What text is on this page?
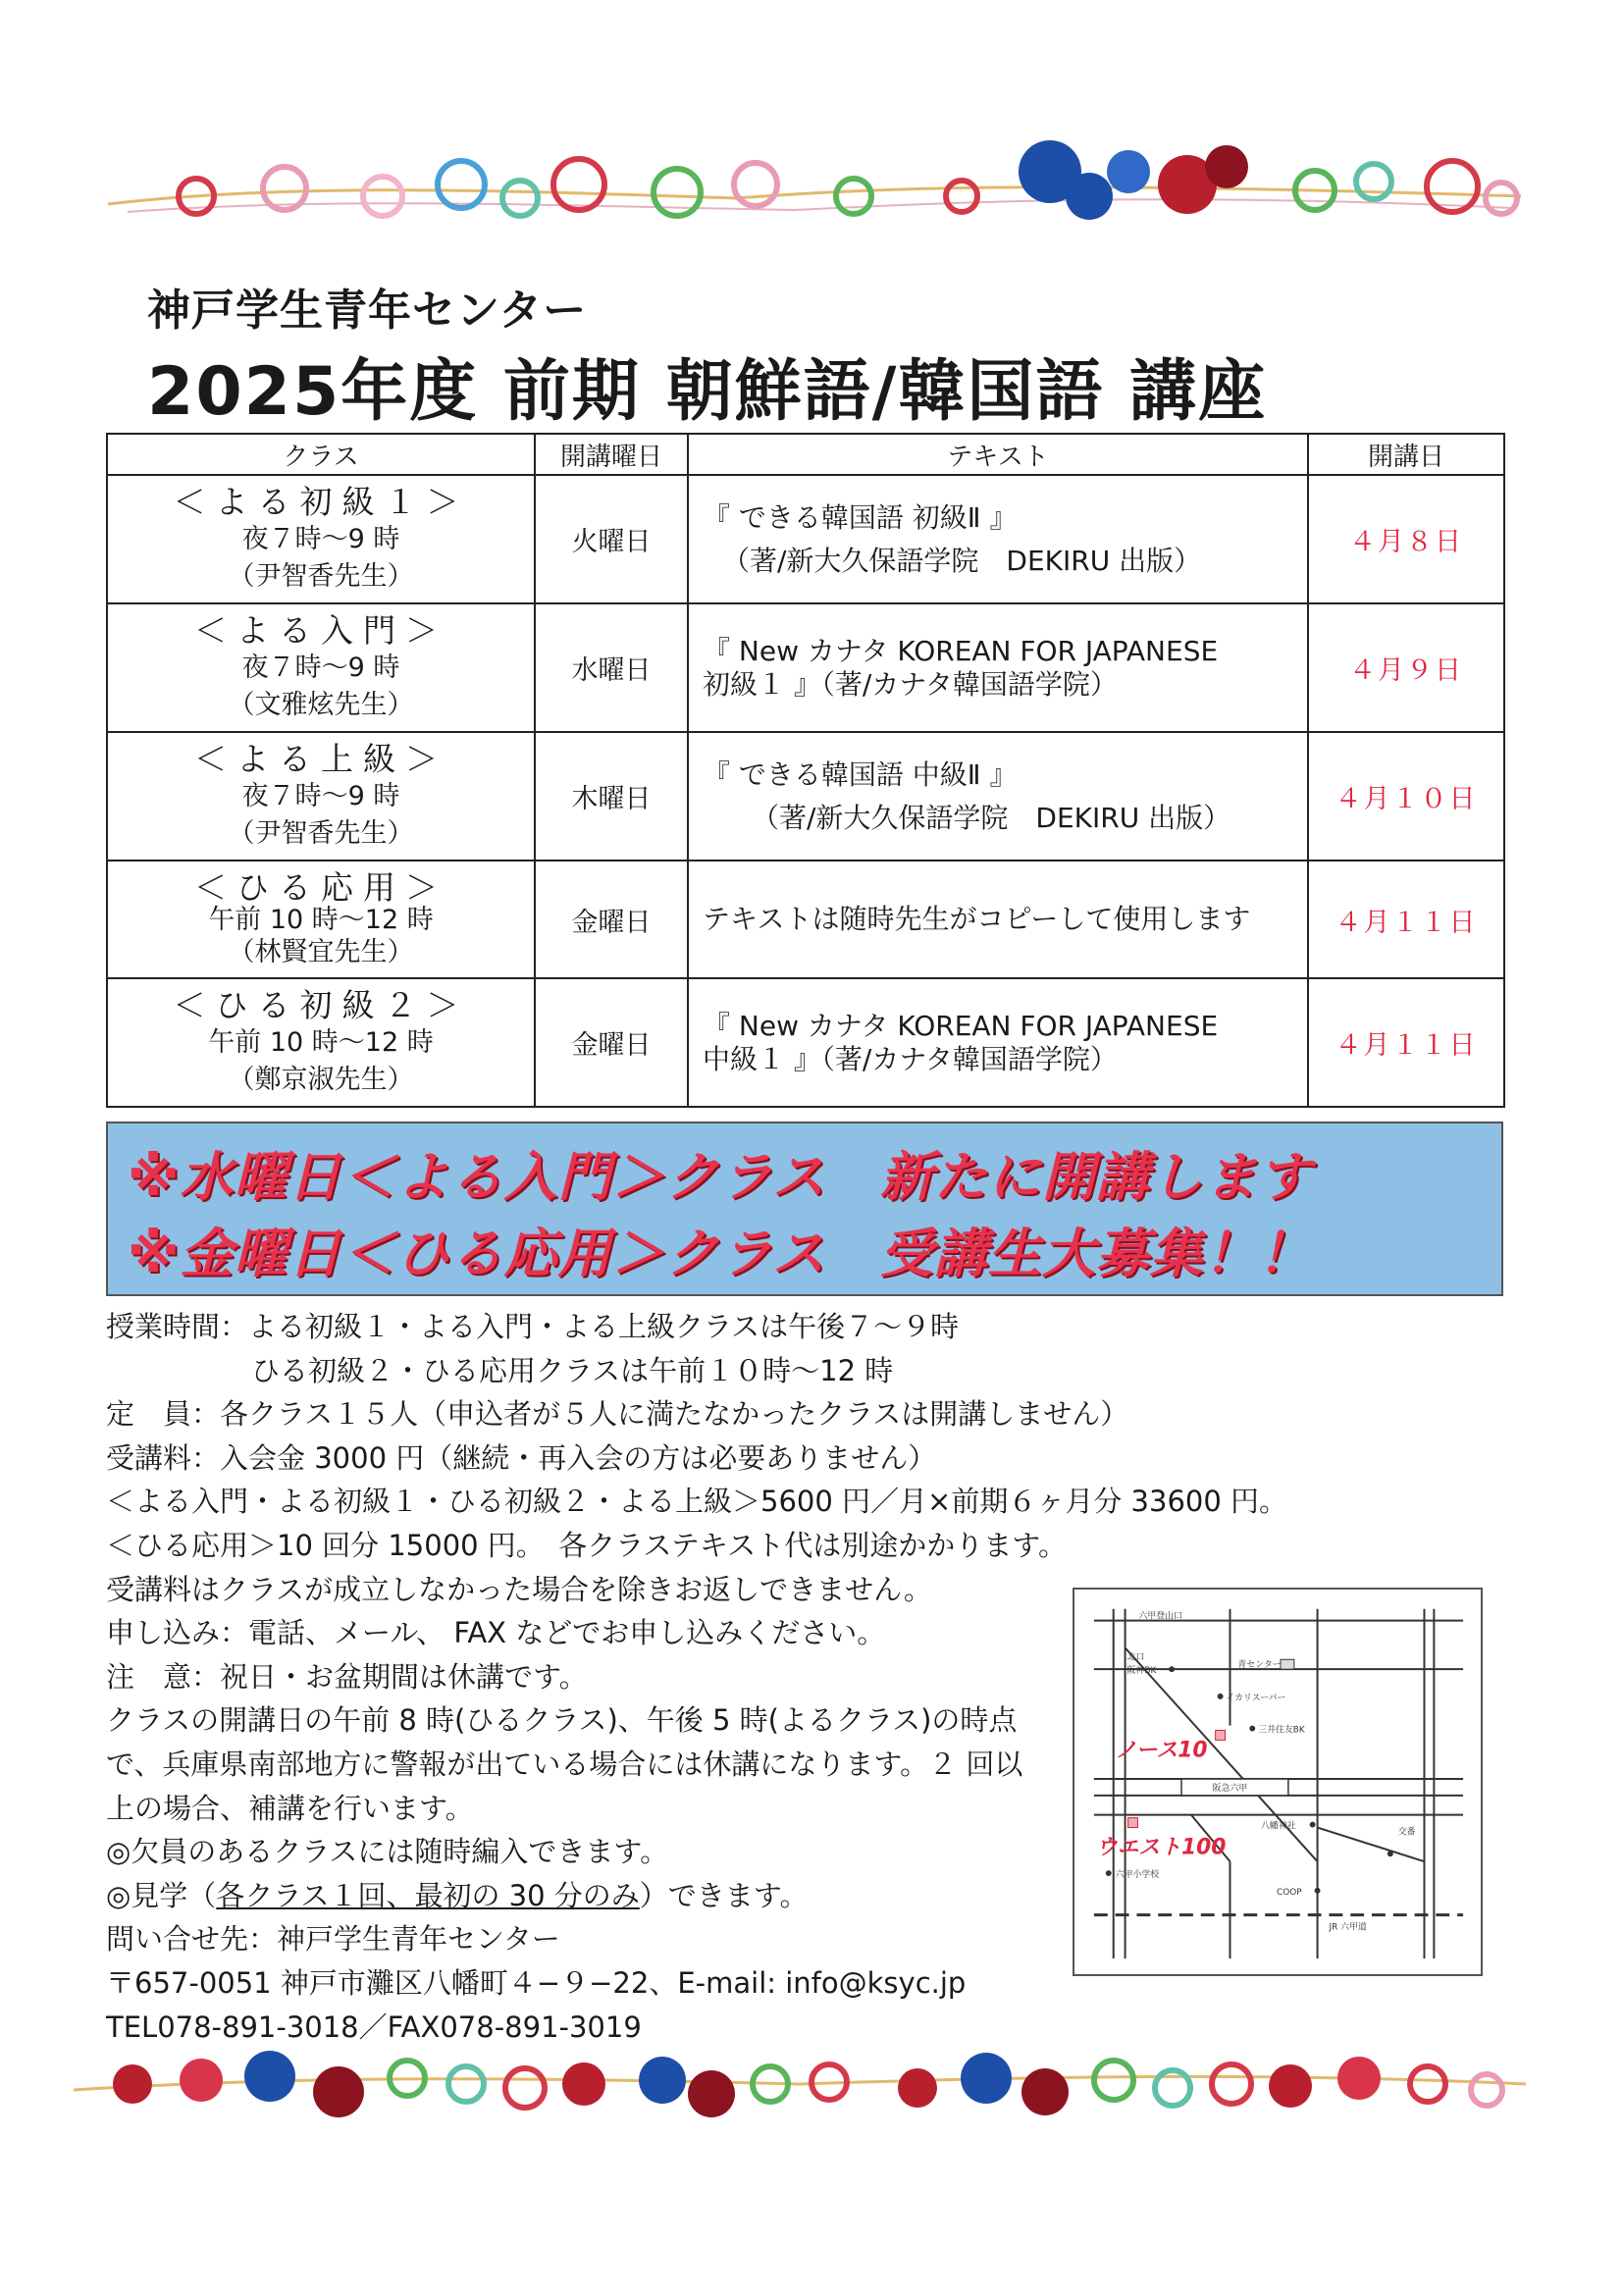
神戸学生青年センター
2025年度 前期 朝鮮語/韓国語 講座
クラス	開講曜日	テキスト	開講日

＜よる初級１＞
夜７時～9 時
（尹智香先生）	火曜日	『 できる韓国語 初級Ⅱ 』
（著/新大久保語学院　DEKIRU 出版）	４月８日

＜よる入門＞
夜７時～9 時
（文雅炫先生）	水曜日	『 New カナタ KOREAN FOR JAPANESE
初級１ 』（著/カナタ韓国語学院）	４月９日

＜よる上級＞
夜７時～9 時
（尹智香先生）	木曜日	『 できる韓国語 中級Ⅱ 』
（著/新大久保語学院　DEKIRU 出版）	４月１０日

＜ひる応用＞
午前 10 時～12 時
（林賢宜先生）	金曜日	テキストは随時先生がコピーして使用します	４月１１日

＜ひる初級２＞
午前 10 時～12 時
（鄭京淑先生）	金曜日	『 New カナタ KOREAN FOR JAPANESE
中級１ 』（著/カナタ韓国語学院）	４月１１日
※水曜日＜よる入門＞クラス　新たに開講します
※金曜日＜ひる応用＞クラス　受講生大募集！！
授業時間：よる初級１・よる入門・よる上級クラスは午後７～９時
ひる初級２・ひる応用クラスは午前１０時～12 時
定　員：各クラス１５人（申込者が５人に満たなかったクラスは開講しません）
受講料：入会金 3000 円（継続・再入会の方は必要ありません）
＜よる入門・よる初級１・ひる初級２・よる上級＞5600 円／月×前期６ヶ月分 33600 円。
＜ひる応用＞10 回分 15000 円。　各クラステキスト代は別途かかります。
受講料はクラスが成立しなかった場合を除きお返しできません。
申し込み：電話、メール、 FAX などでお申し込みください。
注　意：祝日・お盆期間は休講です。
クラスの開講日の午前 8 時(ひるクラス)、午後 5 時(よるクラス)の時点
で、兵庫県南部地方に警報が出ている場合には休講になります。２ 回以
上の場合、補講を行います。
◎欠員のあるクラスには随時編入できます。
◎見学（各クラス１回、最初の 30 分のみ）できます。
問い合せ先：神戸学生青年センター
〒657-0051 神戸市灘区八幡町４−９−22、E-mail: info@ksyc.jp
TEL078-891-3018／FAX078-891-3019
六甲登山口
北口
阪神BK
青センター
イカリスーパー
三井住友BK
ノース10
阪急六甲
八幡神社
交番
ウエスト100
六甲小学校
COOP
JR 六甲道
